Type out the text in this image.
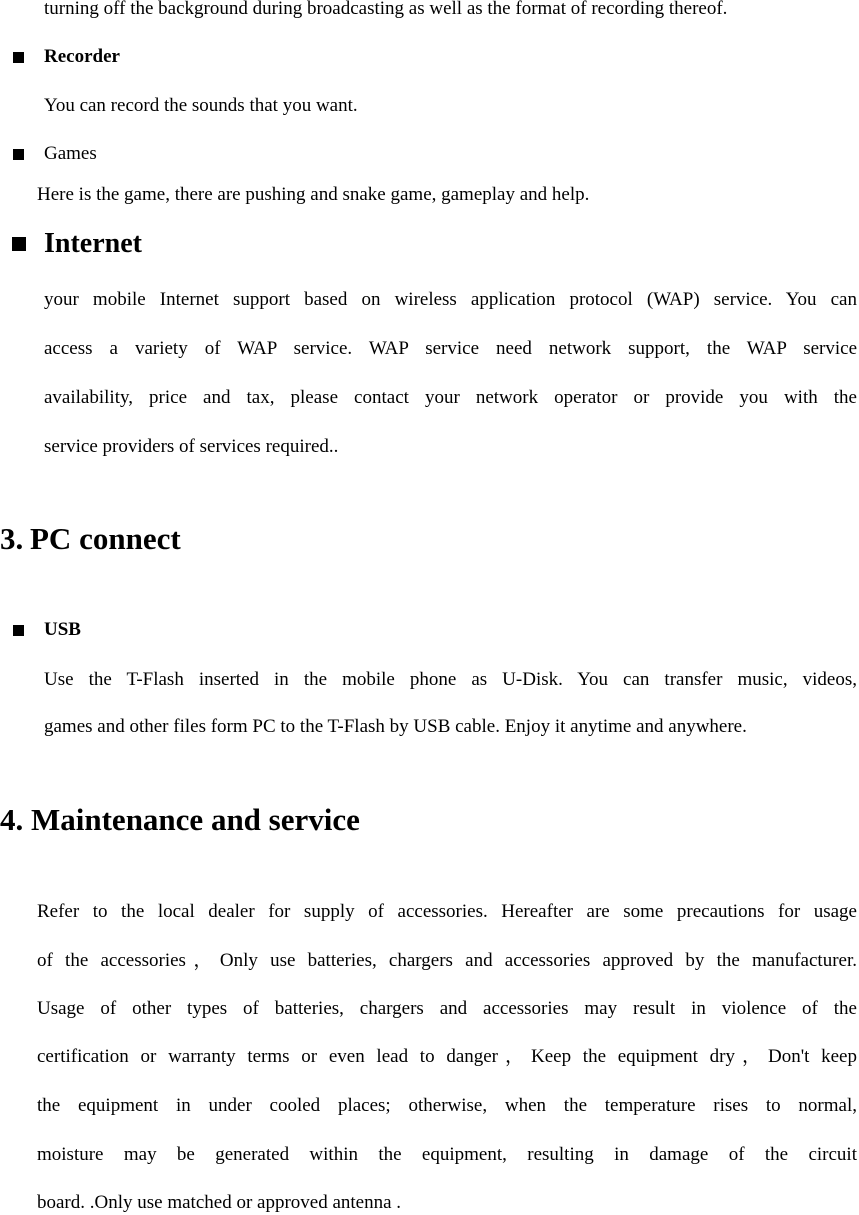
turning off the background during broadcasting as well as the format of recording thereof.
Recorder
You can record the sounds that you want.
Games
Here is the game, there are pushing and snake game, gameplay and help.
Internet
your mobile Internet support based on wireless application protocol (WAP) service. You can
access a variety of WAP service. WAP service need network support, the WAP service
availability, price and tax, please contact your network operator or provide you with the
service providers of services required..
3. PC connect
USB
Use the T-Flash inserted in the mobile phone as U-Disk. You can transfer music, videos,
games and other files form PC to the T-Flash by USB cable. Enjoy it anytime and anywhere.
4. Maintenance and service
Refer to the local dealer for supply of accessories. Hereafter are some precautions for usage
of the accessories，Only use batteries, chargers and accessories approved by the manufacturer.
Usage of other types of batteries, chargers and accessories may result in violence of the
certification or warranty terms or even lead to danger，Keep the equipment dry，Don't keep
the equipment in under cooled places; otherwise, when the temperature rises to normal,
moisture may be generated within the equipment, resulting in damage of the circuit
board. .Only use matched or approved antenna .
